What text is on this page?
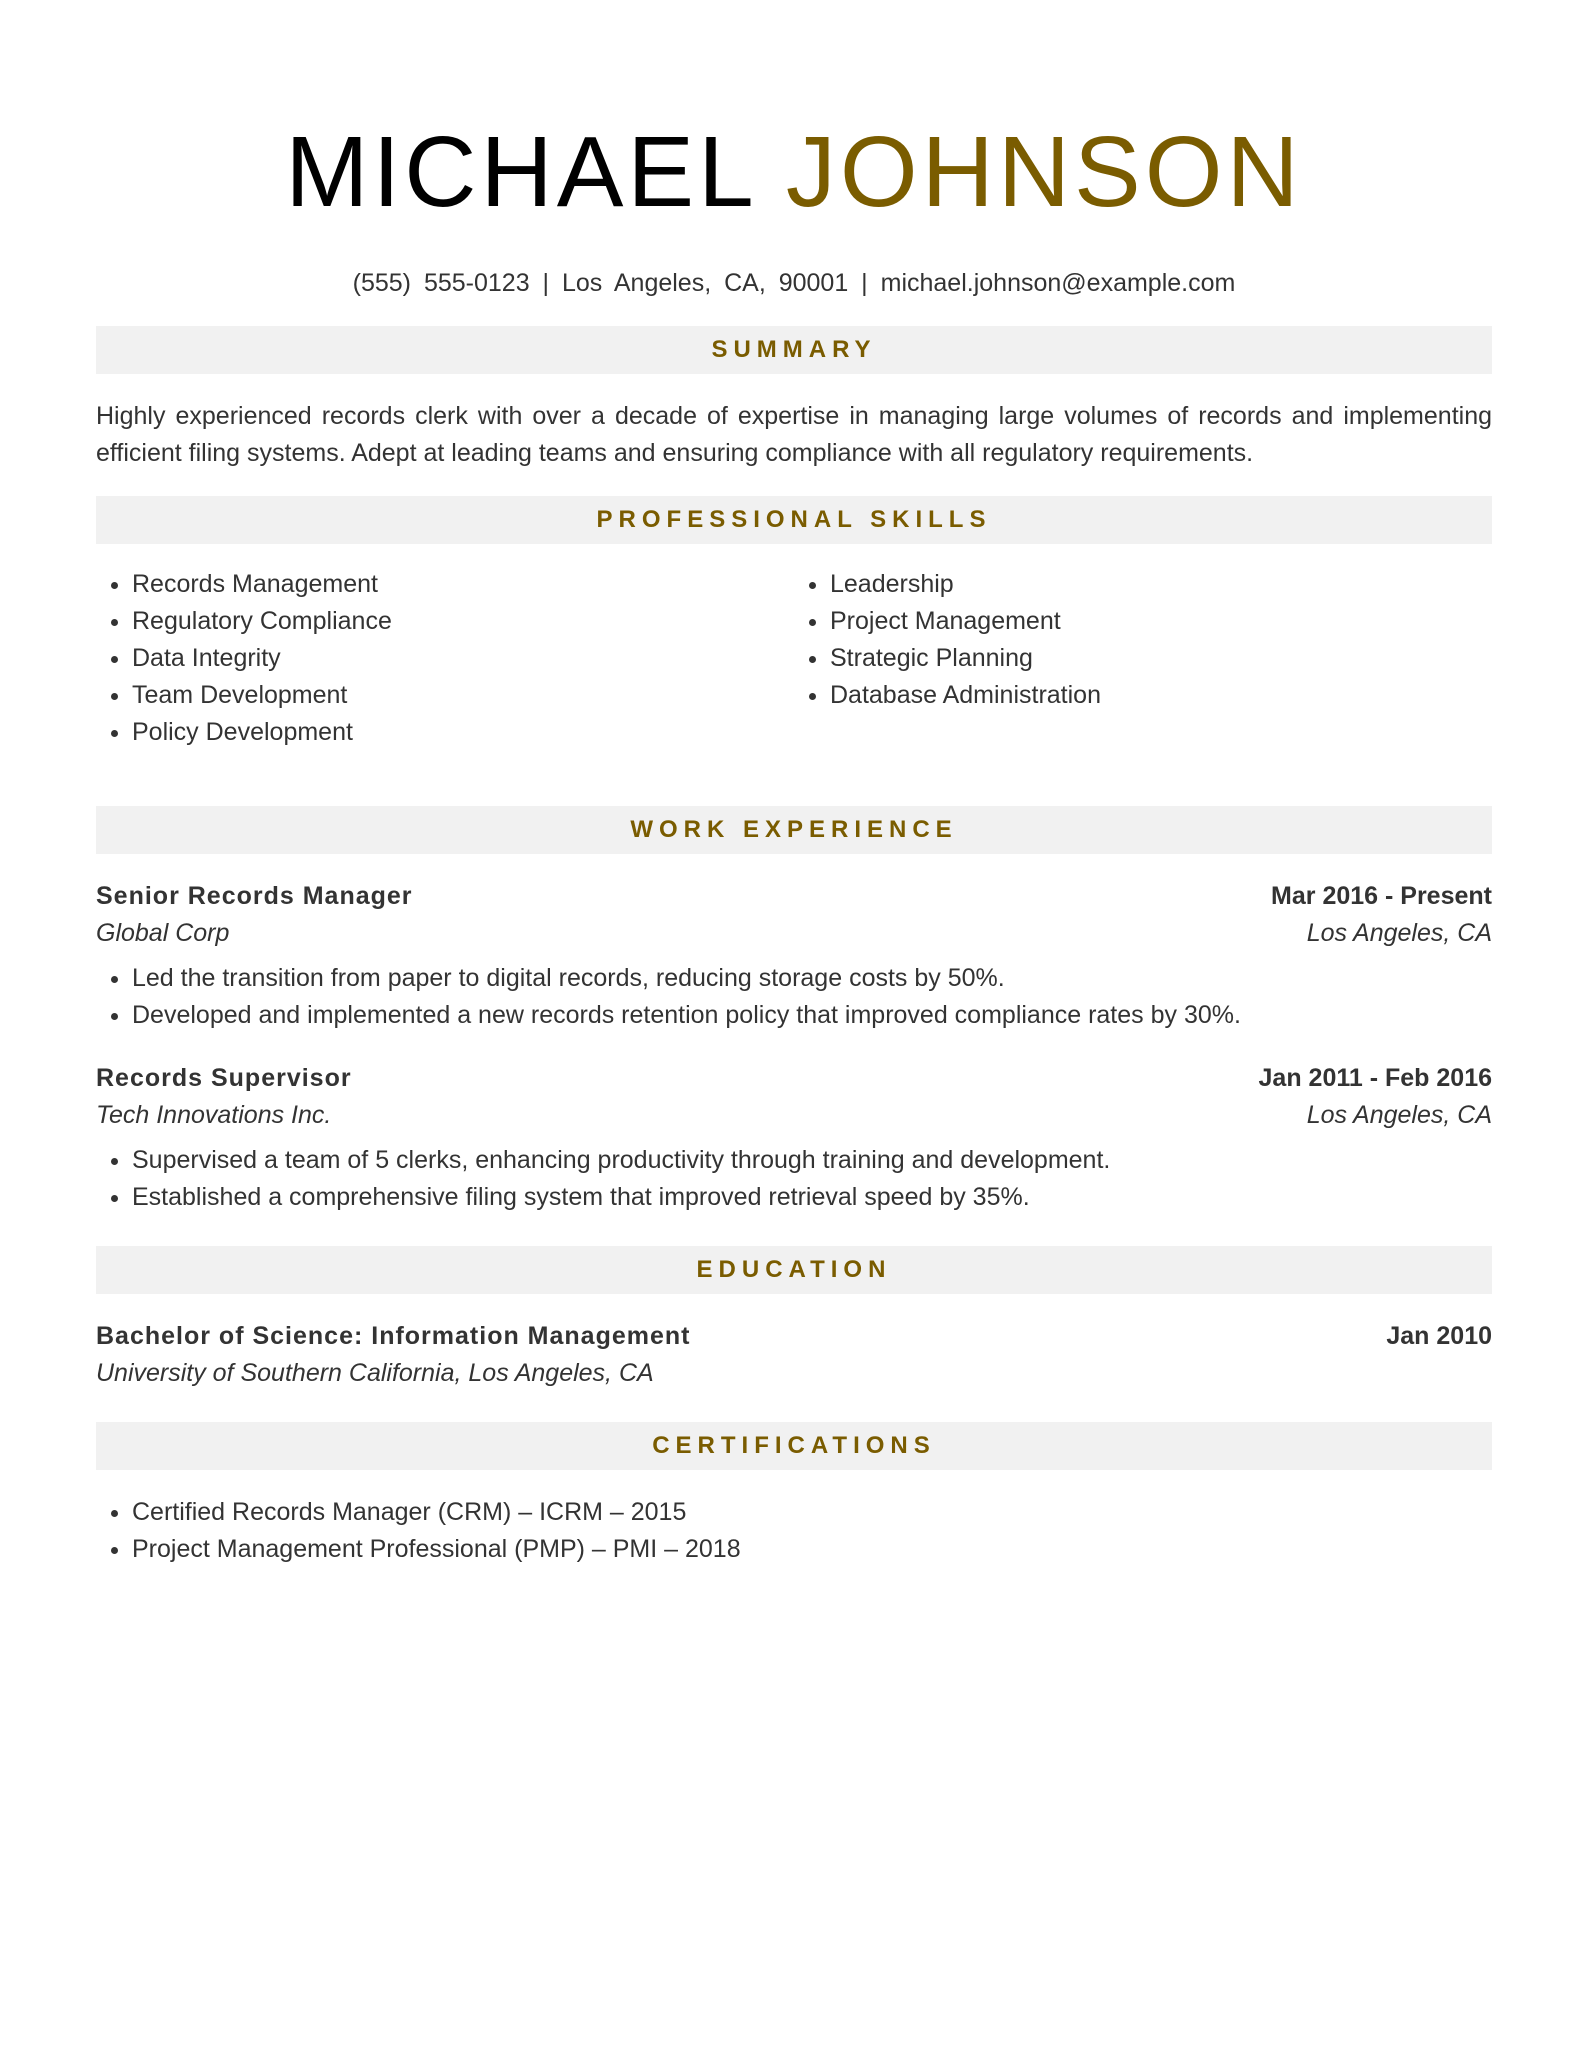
MICHAEL JOHNSON
(555) 555-0123 | Los Angeles, CA, 90001 | michael.johnson@example.com
SUMMARY
Highly experienced records clerk with over a decade of expertise in managing large volumes of records and implementing efficient filing systems. Adept at leading teams and ensuring compliance with all regulatory requirements.
PROFESSIONAL SKILLS
• Records Management
• Regulatory Compliance
• Data Integrity
• Team Development
• Policy Development
• Leadership
• Project Management
• Strategic Planning
• Database Administration
WORK EXPERIENCE
Senior Records Manager	Mar 2016 - Present
Global Corp	Los Angeles, CA
• Led the transition from paper to digital records, reducing storage costs by 50%.
• Developed and implemented a new records retention policy that improved compliance rates by 30%.
Records Supervisor	Jan 2011 - Feb 2016
Tech Innovations Inc.	Los Angeles, CA
• Supervised a team of 5 clerks, enhancing productivity through training and development.
• Established a comprehensive filing system that improved retrieval speed by 35%.
EDUCATION
Bachelor of Science: Information Management	Jan 2010
University of Southern California, Los Angeles, CA
CERTIFICATIONS
• Certified Records Manager (CRM) – ICRM – 2015
• Project Management Professional (PMP) – PMI – 2018
